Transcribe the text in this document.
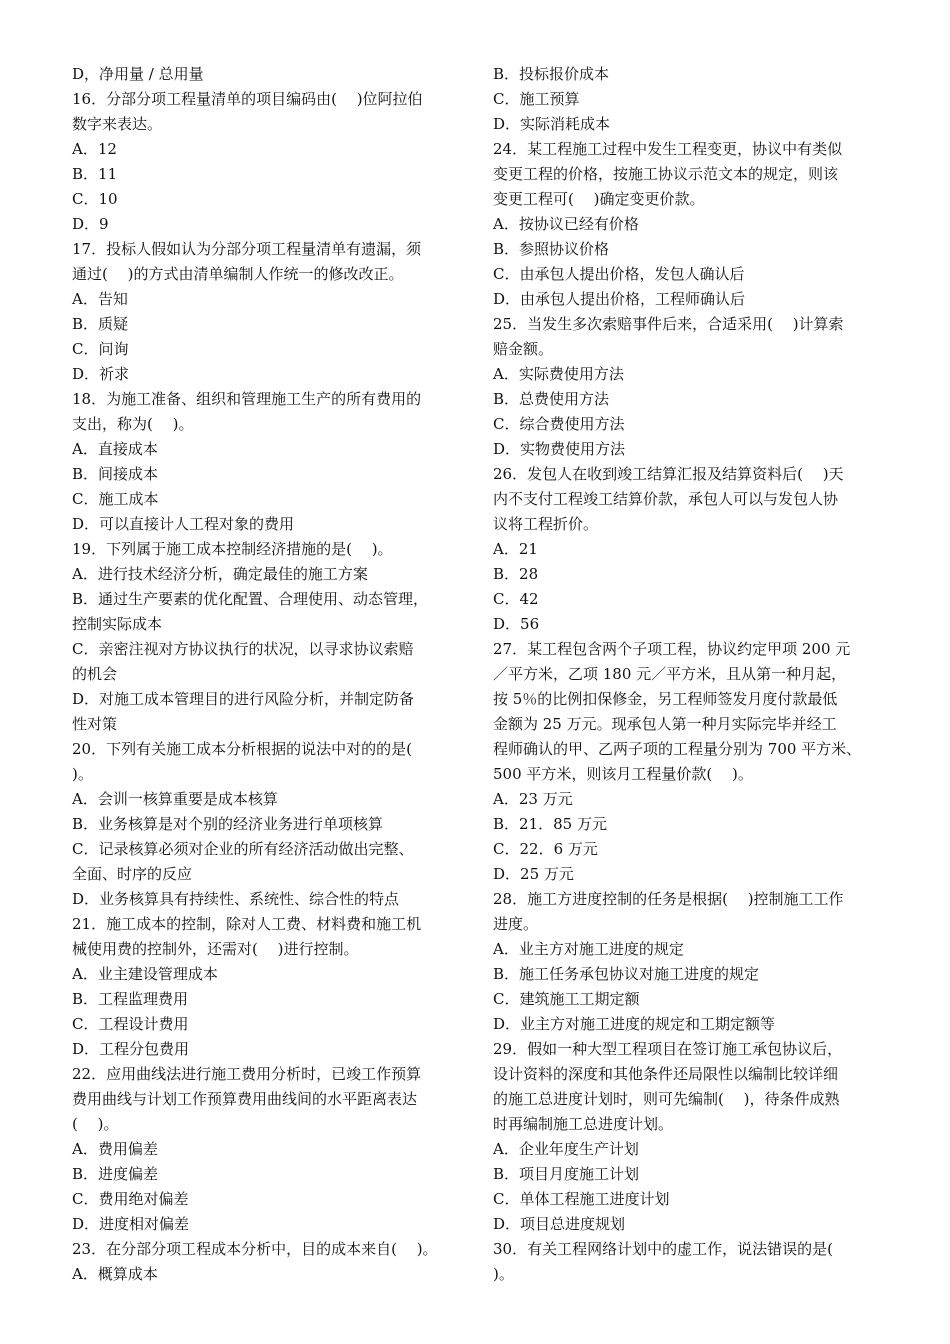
D，净用量 / 总用量
16．分部分项工程量清单的项目编码由(　 )位阿拉伯
数字来表达。
A．12
B．11
C．10
D．9
17．投标人假如认为分部分项工程量清单有遗漏，须
通过(　 )的方式由清单编制人作统一的修改改正。
A．告知
B．质疑
C．问询
D．祈求
18．为施工准备、组织和管理施工生产的所有费用的
支出，称为(　 )。
A．直接成本
B．间接成本
C．施工成本
D．可以直接计人工程对象的费用
19．下列属于施工成本控制经济措施的是(　 )。
A．进行技术经济分析，确定最佳的施工方案
B．通过生产要素的优化配置、合理使用、动态管理，
控制实际成本
C．亲密注视对方协议执行的状况，以寻求协议索赔
的机会
D．对施工成本管理目的进行风险分析，并制定防备
性对策
20．下列有关施工成本分析根据的说法中对的的是(
)。
A．会训一核算重要是成本核算
B．业务核算是对个别的经济业务进行单项核算
C．记录核算必须对企业的所有经济活动做出完整、
全面、时序的反应
D．业务核算具有持续性、系统性、综合性的特点
21．施工成本的控制，除对人工费、材料费和施工机
械使用费的控制外，还需对(　 )进行控制。
A．业主建设管理成本
B．工程监理费用
C．工程设计费用
D．工程分包费用
22．应用曲线法进行施工费用分析时，已竣工作预算
费用曲线与计划工作预算费用曲线间的水平距离表达
(　 )。
A．费用偏差
B．进度偏差
C．费用绝对偏差
D．进度相对偏差
23．在分部分项工程成本分析中，目的成本来自(　 )。
A．概算成本
B．投标报价成本
C．施工预算
D．实际消耗成本
24．某工程施工过程中发生工程变更，协议中有类似
变更工程的价格，按施工协议示范文本的规定，则该
变更工程可(　 )确定变更价款。
A．按协议已经有价格
B．参照协议价格
C．由承包人提出价格，发包人确认后
D．由承包人提出价格，工程师确认后
25．当发生多次索赔事件后来，合适采用(　 )计算索
赔金额。
A．实际费使用方法
B．总费使用方法
C．综合费使用方法
D．实物费使用方法
26．发包人在收到竣工结算汇报及结算资料后(　 )天
内不支付工程竣工结算价款，承包人可以与发包人协
议将工程折价。
A．21
B．28
C．42
D．56
27．某工程包含两个子项工程，协议约定甲项 200 元
／平方米，乙项 180 元／平方米，且从第一种月起，
按 5％的比例扣保修金，另工程师签发月度付款最低
金额为 25 万元。现承包人第一种月实际完毕并经工
程师确认的甲、乙两子项的工程量分别为 700 平方米、
500 平方米，则该月工程量价款(　 )。
A．23 万元
B．21．85 万元
C．22．6 万元
D．25 万元
28．施工方进度控制的任务是根据(　 )控制施工工作
进度。
A．业主方对施工进度的规定
B．施工任务承包协议对施工进度的规定
C．建筑施工工期定额
D．业主方对施工进度的规定和工期定额等
29．假如一种大型工程项目在签订施工承包协议后，
设计资料的深度和其他条件还局限性以编制比较详细
的施工总进度计划时，则可先编制(　 )，待条件成熟
时再编制施工总进度计划。
A．企业年度生产计划
B．项目月度施工计划
C．单体工程施工进度计划
D．项目总进度规划
30．有关工程网络计划中的虚工作，说法错误的是(
)。
